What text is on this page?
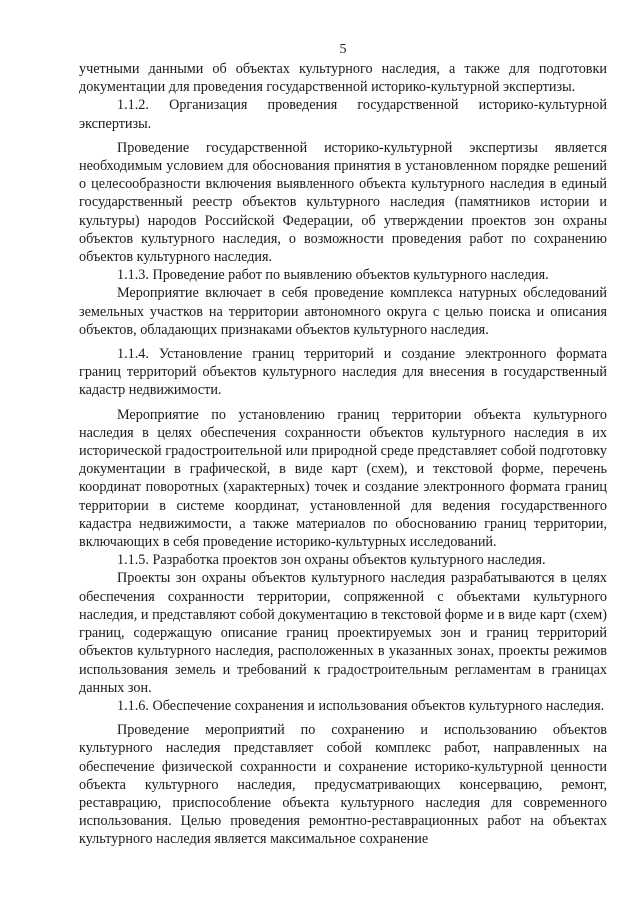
5

учетными данными об объектах культурного наследия, а также для подготовки документации для проведения государственной историко-культурной экспертизы.

1.1.2. Организация проведения государственной историко-культурной экспертизы.

Проведение государственной историко-культурной экспертизы является необходимым условием для обоснования принятия в установленном порядке решений о целесообразности включения выявленного объекта культурного наследия в единый государственный реестр объектов культурного наследия (памятников истории и культуры) народов Российской Федерации, об утверждении проектов зон охраны объектов культурного наследия, о возможности проведения работ по сохранению объектов культурного наследия.

1.1.3. Проведение работ по выявлению объектов культурного наследия.

Мероприятие включает в себя проведение комплекса натурных обследований земельных участков на территории автономного округа с целью поиска и описания объектов, обладающих признаками объектов культурного наследия.

1.1.4. Установление границ территорий и создание электронного формата границ территорий объектов культурного наследия для внесения в государственный кадастр недвижимости.

Мероприятие по установлению границ территории объекта культурного наследия в целях обеспечения сохранности объектов культурного наследия в их исторической градостроительной или природной среде представляет собой подготовку документации в графической, в виде карт (схем), и текстовой форме, перечень координат поворотных (характерных) точек и создание электронного формата границ территории в системе координат, установленной для ведения государственного кадастра недвижимости, а также материалов по обоснованию границ территории, включающих в себя проведение историко-культурных исследований.

1.1.5. Разработка проектов зон охраны объектов культурного наследия.

Проекты зон охраны объектов культурного наследия разрабатываются в целях обеспечения сохранности территории, сопряженной с объектами культурного наследия, и представляют собой документацию в текстовой форме и в виде карт (схем) границ, содержащую описание границ проектируемых зон и границ территорий объектов культурного наследия, расположенных в указанных зонах, проекты режимов использования земель и требований к градостроительным регламентам в границах данных зон.

1.1.6. Обеспечение сохранения и использования объектов культурного наследия.

Проведение мероприятий по сохранению и использованию объектов культурного наследия представляет собой комплекс работ, направленных на обеспечение физической сохранности и сохранение историко-культурной ценности объекта культурного наследия, предусматривающих консервацию, ремонт, реставрацию, приспособление объекта культурного наследия для современного использования. Целью проведения ремонтно-реставрационных работ на объектах культурного наследия является максимальное сохранение
